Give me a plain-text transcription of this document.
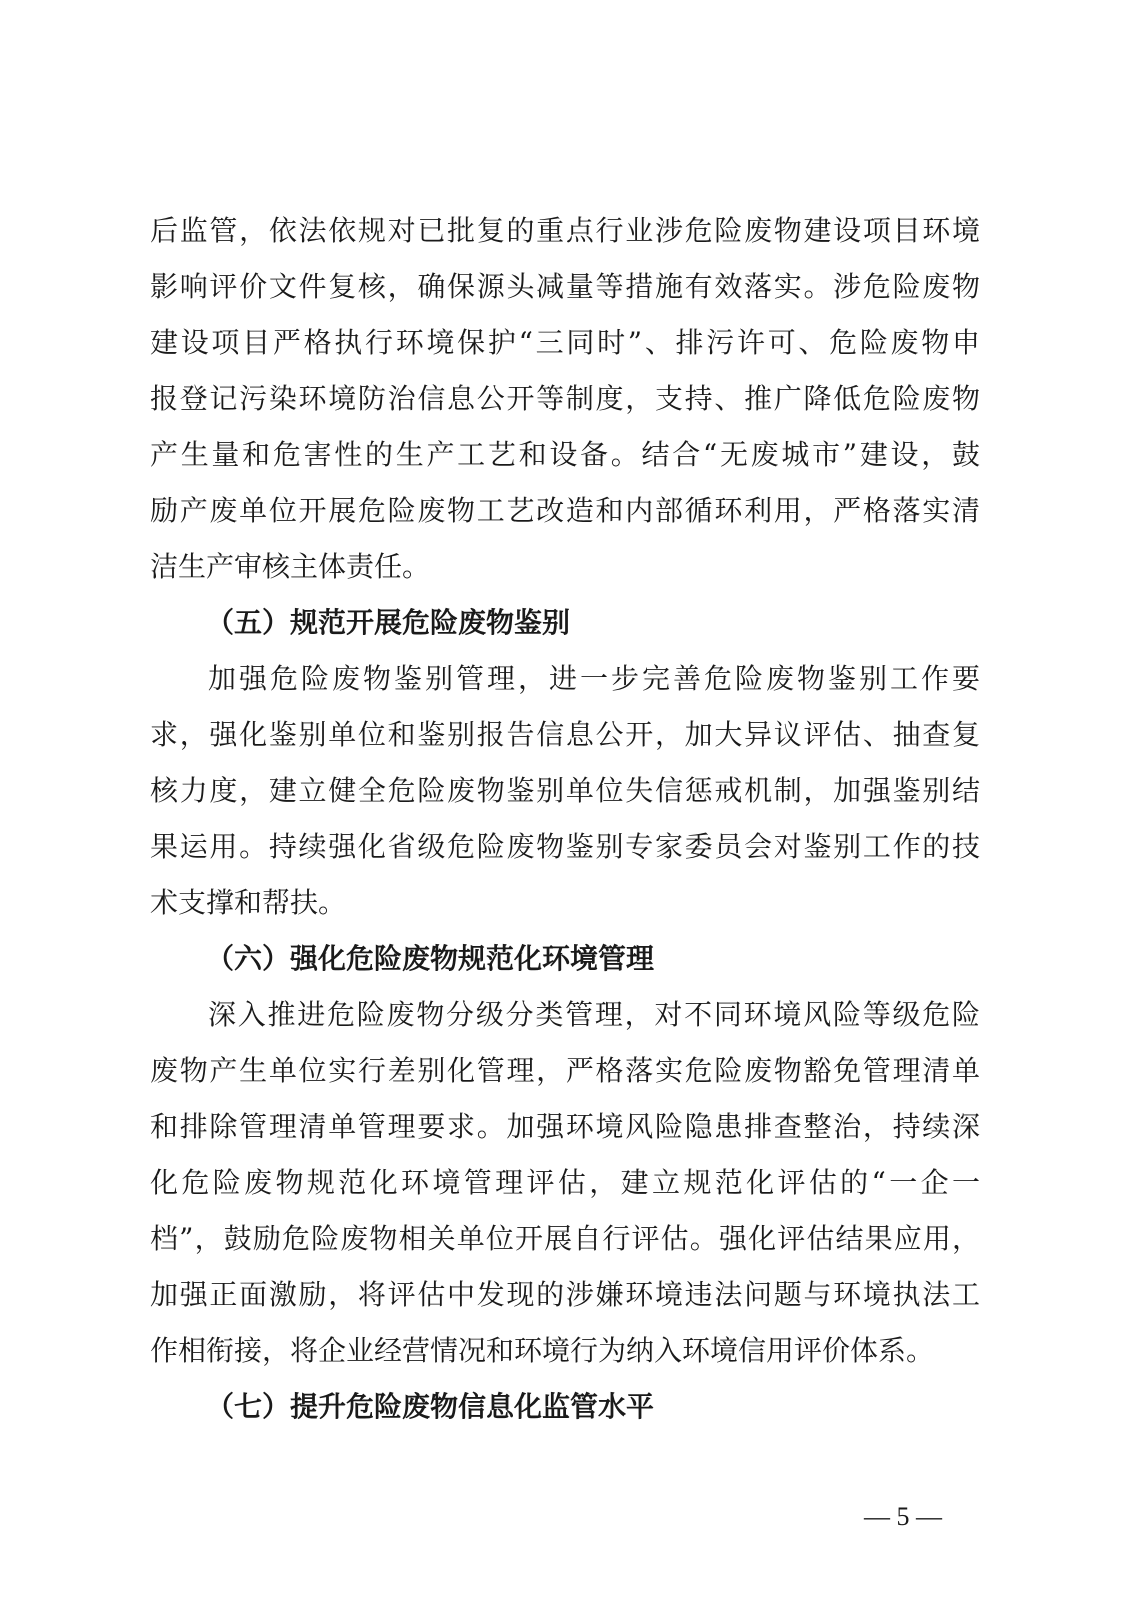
后监管，依法依规对已批复的重点行业涉危险废物建设项目环境
影响评价文件复核，确保源头减量等措施有效落实。涉危险废物
建设项目严格执行环境保护“三同时”、排污许可、危险废物申
报登记污染环境防治信息公开等制度，支持、推广降低危险废物
产生量和危害性的生产工艺和设备。结合“无废城市”建设，鼓
励产废单位开展危险废物工艺改造和内部循环利用，严格落实清
洁生产审核主体责任。
（五）规范开展危险废物鉴别
加强危险废物鉴别管理，进一步完善危险废物鉴别工作要
求，强化鉴别单位和鉴别报告信息公开，加大异议评估、抽查复
核力度，建立健全危险废物鉴别单位失信惩戒机制，加强鉴别结
果运用。持续强化省级危险废物鉴别专家委员会对鉴别工作的技
术支撑和帮扶。
（六）强化危险废物规范化环境管理
深入推进危险废物分级分类管理，对不同环境风险等级危险
废物产生单位实行差别化管理，严格落实危险废物豁免管理清单
和排除管理清单管理要求。加强环境风险隐患排查整治，持续深
化危险废物规范化环境管理评估，建立规范化评估的“一企一
档”，鼓励危险废物相关单位开展自行评估。强化评估结果应用，
加强正面激励，将评估中发现的涉嫌环境违法问题与环境执法工
作相衔接，将企业经营情况和环境行为纳入环境信用评价体系。
（七）提升危险废物信息化监管水平
— 5 —
